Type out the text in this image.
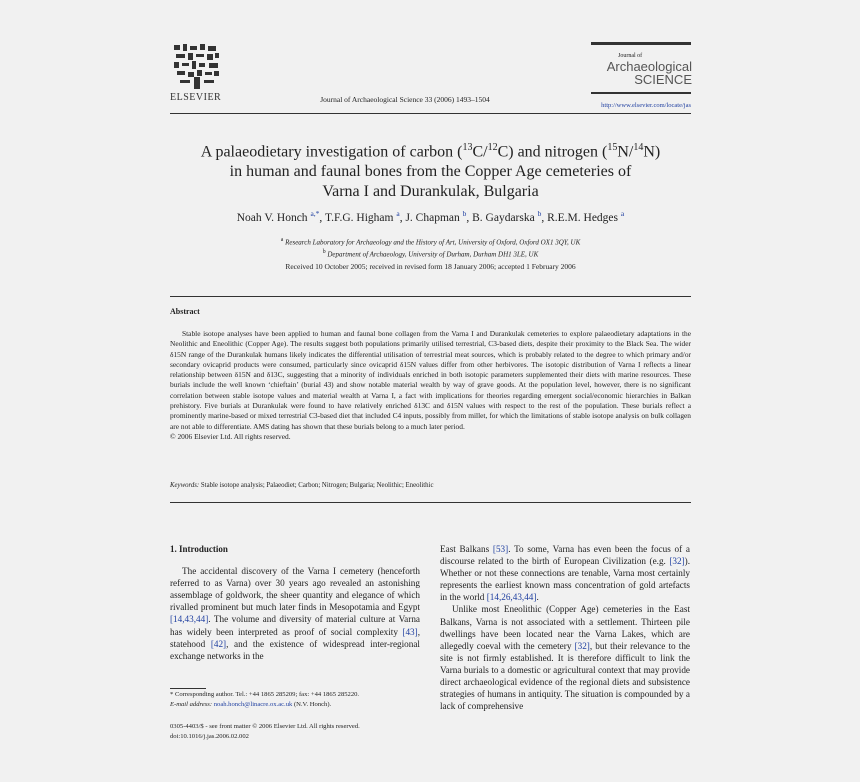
ELSEVIER	Journal of Archaeological Science 33 (2006) 1493–1504
Journal of
Archaeological
SCIENCE
http://www.elsevier.com/locate/jas
A palaeodietary investigation of carbon ($^{13}$C/$^{12}$C) and nitrogen ($^{15}$N/$^{14}$N)
in human and faunal bones from the Copper Age cemeteries of
Varna I and Durankulak, Bulgaria
Noah V. Honch $^{a,*}$, T.F.G. Higham $^a$, J. Chapman $^b$, B. Gaydarska $^b$, R.E.M. Hedges $^a$
$^a$ Research Laboratory for Archaeology and the History of Art, University of Oxford, Oxford OX1 3QY, UK
$^b$ Department of Archaeology, University of Durham, Durham DH1 3LE, UK
Received 10 October 2005; received in revised form 18 January 2006; accepted 1 February 2006
Abstract

Stable isotope analyses have been applied to human and faunal bone collagen from the Varna I and Durankulak cemeteries to explore palaeodietary adaptations in the Neolithic and Eneolithic (Copper Age). The results suggest both populations primarily utilised terrestrial, C3-based diets, despite their proximity to the Black Sea. The wider δ15N range of the Durankulak humans likely indicates the differential utilisation of terrestrial meat sources, which is probably related to the degree to which primary and/or secondary ovicaprid products were consumed, particularly since ovicaprid δ15N values differ from other herbivores. The isotopic distribution of Varna I reflects a linear relationship between δ15N and δ13C, suggesting that a minority of individuals enriched in both isotopic parameters supplemented their diets with marine resources. These burials include the well known ‘chieftain’ (burial 43) and show notable material wealth by way of grave goods. At the population level, however, there is no significant correlation between stable isotope values and material wealth at Varna I, a fact with implications for theories regarding emergent social/economic hierarchies in Balkan prehistory. Five burials at Durankulak were found to have relatively enriched δ13C and δ15N values with respect to the rest of the population. These burials reflect a prominently marine-based or mixed terrestrial C3-based diet that included C4 inputs, possibly from millet, for which the limitations of stable isotope analysis on bulk collagen are not able to differentiate. AMS dating has shown that these burials belong to a much later period.

© 2006 Elsevier Ltd. All rights reserved.

Keywords: Stable isotope analysis; Palaeodiet; Carbon; Nitrogen; Bulgaria; Neolithic; Eneolithic
1. Introduction

The accidental discovery of the Varna I cemetery (henceforth referred to as Varna) over 30 years ago revealed an astonishing assemblage of goldwork, the sheer quantity and elegance of which rivalled prominent but much later finds in Mesopotamia and Egypt [14,43,44]. The volume and diversity of material culture at Varna has widely been interpreted as proof of social complexity [43], statehood [42], and the existence of widespread inter-regional exchange networks in the

East Balkans [53]. To some, Varna has even been the focus of a discourse related to the birth of European Civilization (e.g. [32]). Whether or not these connections are tenable, Varna most certainly represents the earliest known mass concentration of gold artefacts in the world [14,26,43,44].

Unlike most Eneolithic (Copper Age) cemeteries in the East Balkans, Varna is not associated with a settlement. Thirteen pile dwellings have been located near the Varna Lakes, which are allegedly coeval with the cemetery [32], but their relevance to the site is not firmly established. It is therefore difficult to link the Varna burials to a domestic or agricultural context that may provide direct archaeological evidence of the regional diets and subsistence strategies of humans in antiquity. The situation is compounded by a lack of comprehensive

* Corresponding author. Tel.: +44 1865 285209; fax: +44 1865 285220.
E-mail address: noah.honch@linacre.ox.ac.uk (N.V. Honch).
0305-4403/$ - see front matter © 2006 Elsevier Ltd. All rights reserved.
doi:10.1016/j.jas.2006.02.002
